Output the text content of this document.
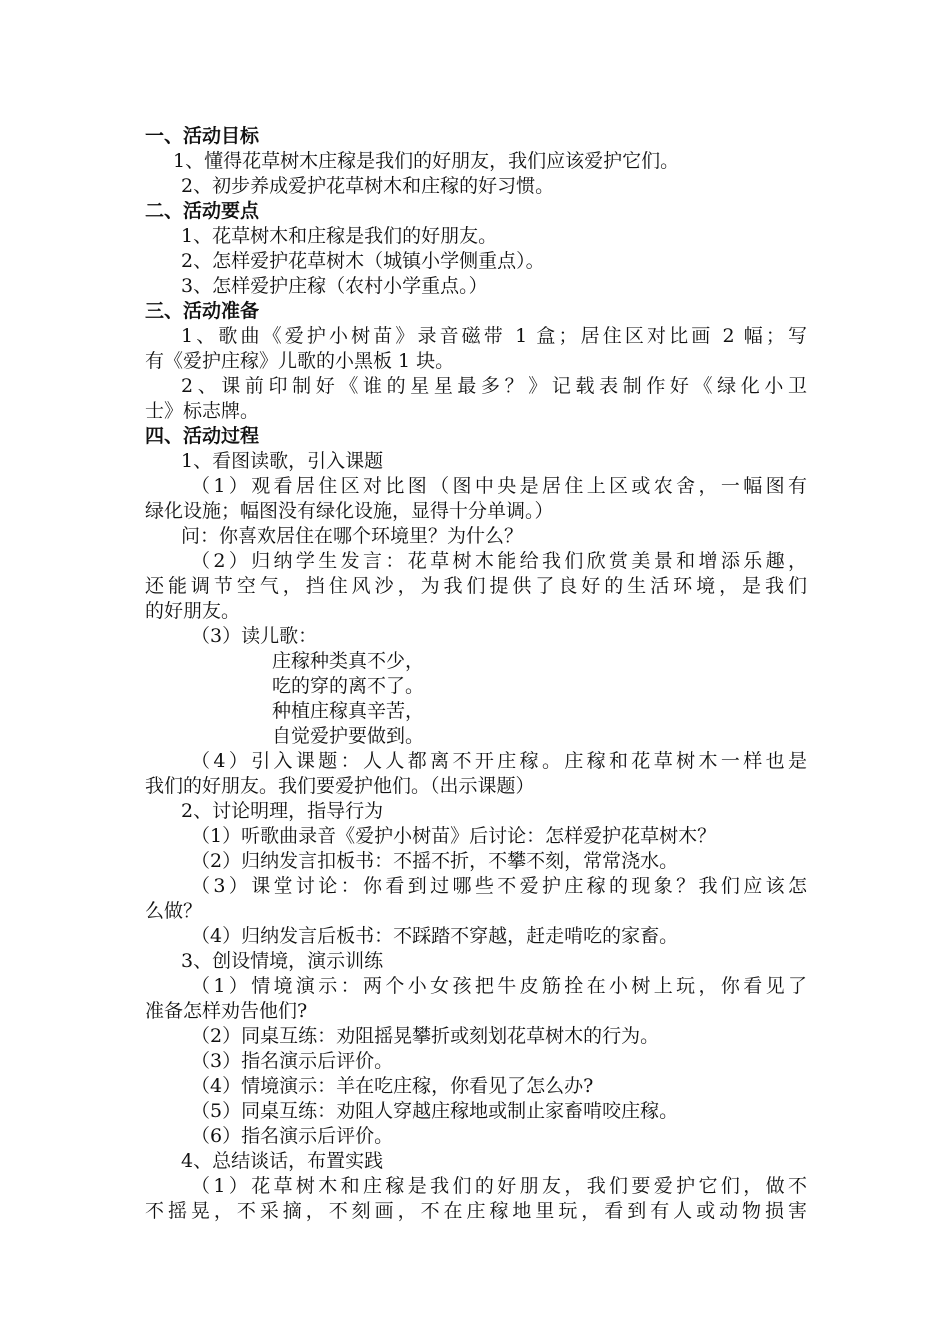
一、活动目标
1、懂得花草树木庄稼是我们的好朋友，我们应该爱护它们。
2、初步养成爱护花草树木和庄稼的好习惯。
二、活动要点
1、花草树木和庄稼是我们的好朋友。
2、怎样爱护花草树木（城镇小学侧重点）。
3、怎样爱护庄稼（农村小学重点。）
三、活动准备
1、歌曲《爱护小树苗》录音磁带 1 盒；居住区对比画 2 幅；写
有《爱护庄稼》儿歌的小黑板 1 块。
2、课前印制好《谁的星星最多？》记载表制作好《绿化小卫
士》标志牌。
四、活动过程
1、看图读歌，引入课题
（1）观看居住区对比图（图中央是居住上区或农舍，一幅图有
绿化设施；幅图没有绿化设施，显得十分单调。）
问：你喜欢居住在哪个环境里？为什么？
（2）归纳学生发言：花草树木能给我们欣赏美景和增添乐趣，
还能调节空气，挡住风沙，为我们提供了良好的生活环境，是我们
的好朋友。
（3）读儿歌：
庄稼种类真不少，
吃的穿的离不了。
种植庄稼真辛苦，
自觉爱护要做到。
（4）引入课题：人人都离不开庄稼。庄稼和花草树木一样也是
我们的好朋友。我们要爱护他们。（出示课题）
2、讨论明理，指导行为
（1）听歌曲录音《爱护小树苗》后讨论：怎样爱护花草树木？
（2）归纳发言扣板书：不摇不折，不攀不刻，常常浇水。
（3）课堂讨论：你看到过哪些不爱护庄稼的现象？我们应该怎
么做？
（4）归纳发言后板书：不踩踏不穿越，赶走啃吃的家畜。
3、创设情境，演示训练
（1）情境演示：两个小女孩把牛皮筋拴在小树上玩，你看见了
准备怎样劝告他们?
（2）同桌互练：劝阻摇晃攀折或刻划花草树木的行为。
（3）指名演示后评价。
（4）情境演示：羊在吃庄稼，你看见了怎么办?
（5）同桌互练：劝阻人穿越庄稼地或制止家畜啃咬庄稼。
（6）指名演示后评价。
4、总结谈话，布置实践
（1）花草树木和庄稼是我们的好朋友，我们要爱护它们，做不
不摇晃，不采摘，不刻画，不在庄稼地里玩，看到有人或动物损害
